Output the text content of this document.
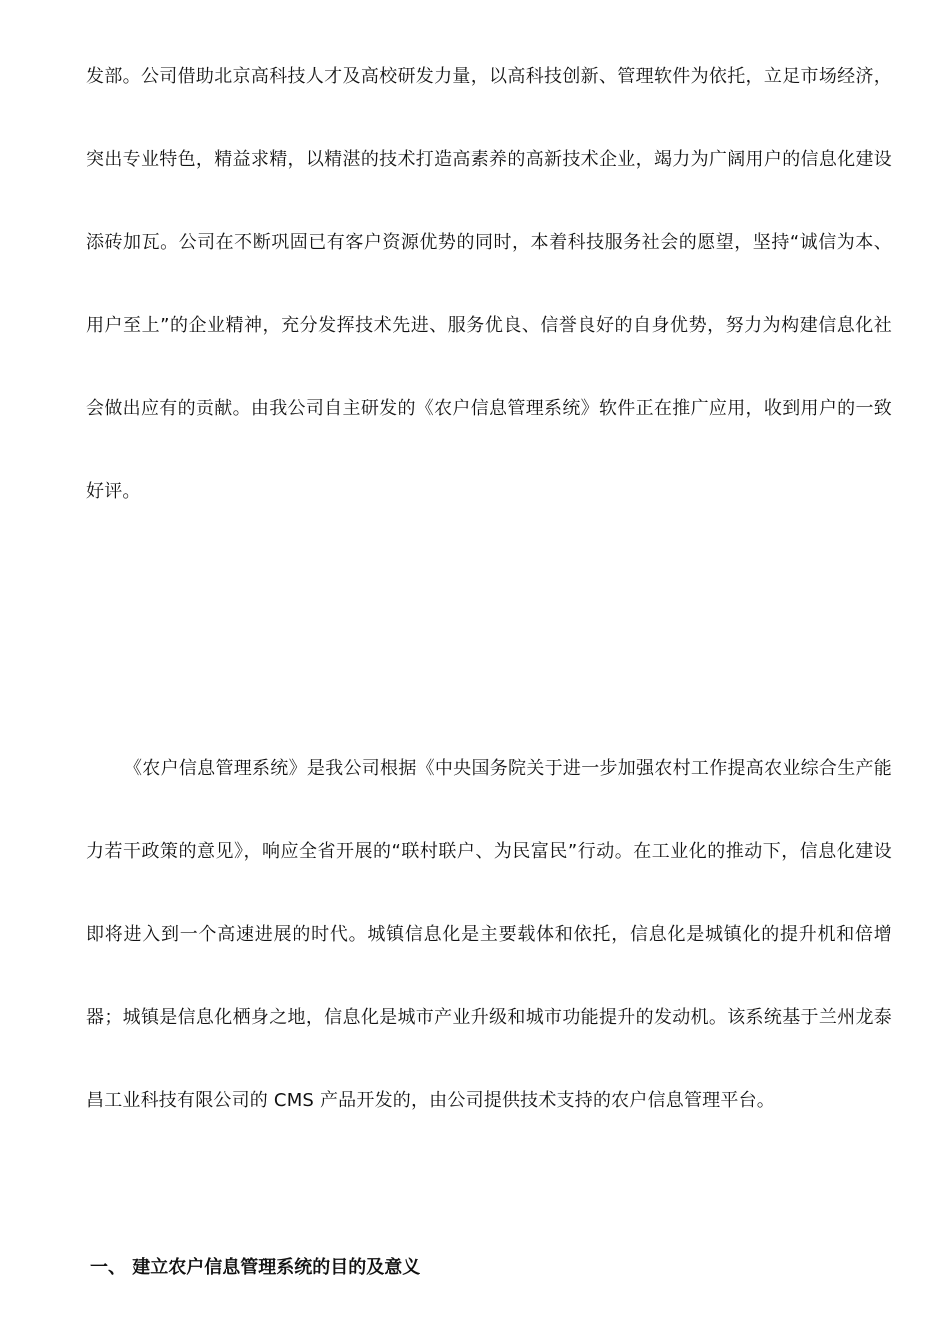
发部。公司借助北京高科技人才及高校研发力量，以高科技创新、管理软件为依托，立足市场经济，突出专业特色，精益求精，以精湛的技术打造高素养的高新技术企业，竭力为广阔用户的信息化建设添砖加瓦。公司在不断巩固已有客户资源优势的同时，本着科技服务社会的愿望，坚持“诚信为本、用户至上”的企业精神，充分发挥技术先进、服务优良、信誉良好的自身优势，努力为构建信息化社会做出应有的贡献。由我公司自主研发的《农户信息管理系统》软件正在推广应用，收到用户的一致好评。

《农户信息管理系统》是我公司根据《中央国务院关于进一步加强农村工作提高农业综合生产能力若干政策的意见》，响应全省开展的“联村联户、为民富民”行动。在工业化的推动下，信息化建设即将进入到一个高速进展的时代。城镇信息化是主要载体和依托，信息化是城镇化的提升机和倍增器；城镇是信息化栖身之地，信息化是城市产业升级和城市功能提升的发动机。该系统基于兰州龙泰昌工业科技有限公司的 CMS 产品开发的，由公司提供技术支持的农户信息管理平台。

一、 建立农户信息管理系统的目的及意义
